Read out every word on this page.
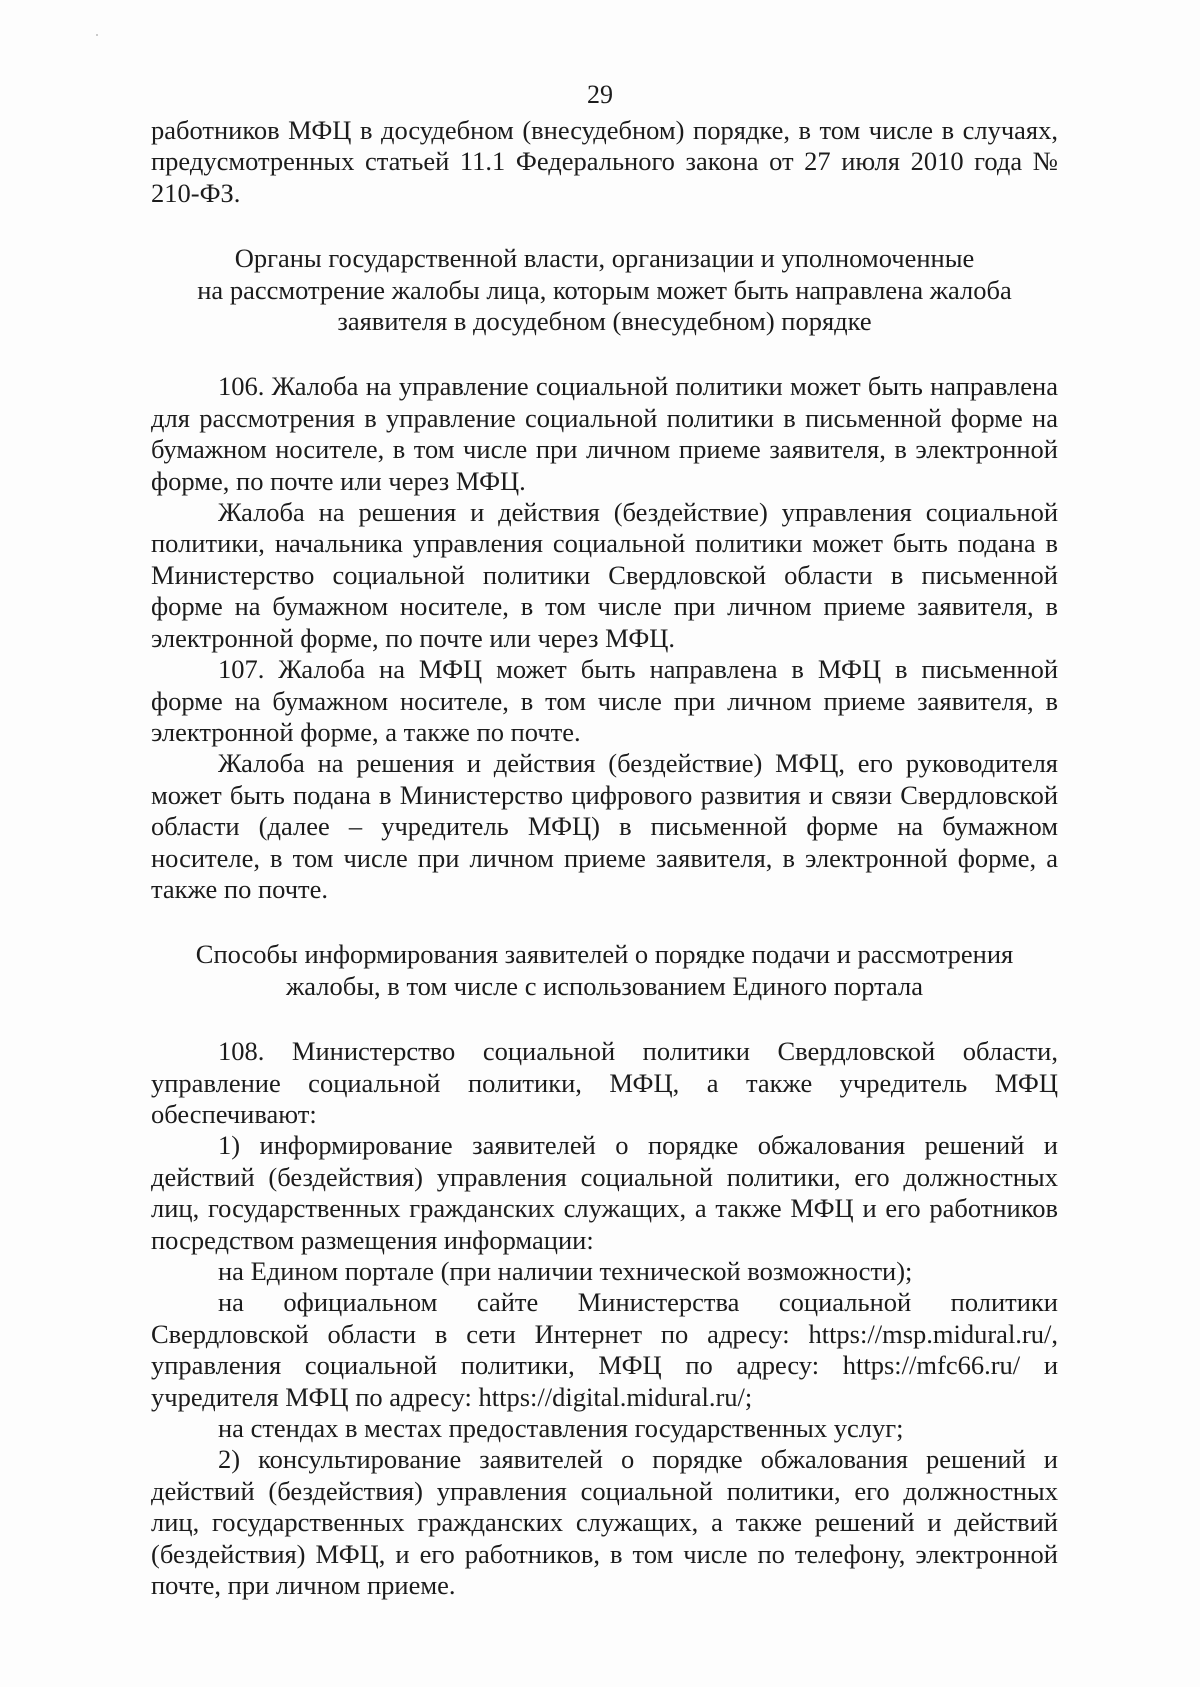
29

работников МФЦ в досудебном (внесудебном) порядке, в том числе в случаях, предусмотренных статьей 11.1 Федерального закона от 27 июля 2010 года № 210-ФЗ.

Органы государственной власти, организации и уполномоченные
на рассмотрение жалобы лица, которым может быть направлена жалоба
заявителя в досудебном (внесудебном) порядке

106. Жалоба на управление социальной политики может быть направлена для рассмотрения в управление социальной политики в письменной форме на бумажном носителе, в том числе при личном приеме заявителя, в электронной форме, по почте или через МФЦ.

Жалоба на решения и действия (бездействие) управления социальной политики, начальника управления социальной политики может быть подана в Министерство социальной политики Свердловской области в письменной форме на бумажном носителе, в том числе при личном приеме заявителя, в электронной форме, по почте или через МФЦ.

107. Жалоба на МФЦ может быть направлена в МФЦ в письменной форме на бумажном носителе, в том числе при личном приеме заявителя, в электронной форме, а также по почте.

Жалоба на решения и действия (бездействие) МФЦ, его руководителя может быть подана в Министерство цифрового развития и связи Свердловской области (далее – учредитель МФЦ) в письменной форме на бумажном носителе, в том числе при личном приеме заявителя, в электронной форме, а также по почте.

Способы информирования заявителей о порядке подачи и рассмотрения
жалобы, в том числе с использованием Единого портала

108. Министерство социальной политики Свердловской области, управление социальной политики, МФЦ, а также учредитель МФЦ обеспечивают:

1) информирование заявителей о порядке обжалования решений и действий (бездействия) управления социальной политики, его должностных лиц, государственных гражданских служащих, а также МФЦ и его работников посредством размещения информации:

на Едином портале (при наличии технической возможности);

на официальном сайте Министерства социальной политики Свердловской области в сети Интернет по адресу: https://msp.midural.ru/, управления социальной политики, МФЦ по адресу: https://mfc66.ru/ и учредителя МФЦ по адресу: https://digital.midural.ru/;

на стендах в местах предоставления государственных услуг;

2) консультирование заявителей о порядке обжалования решений и действий (бездействия) управления социальной политики, его должностных лиц, государственных гражданских служащих, а также решений и действий (бездействия) МФЦ, и его работников, в том числе по телефону, электронной почте, при личном приеме.
